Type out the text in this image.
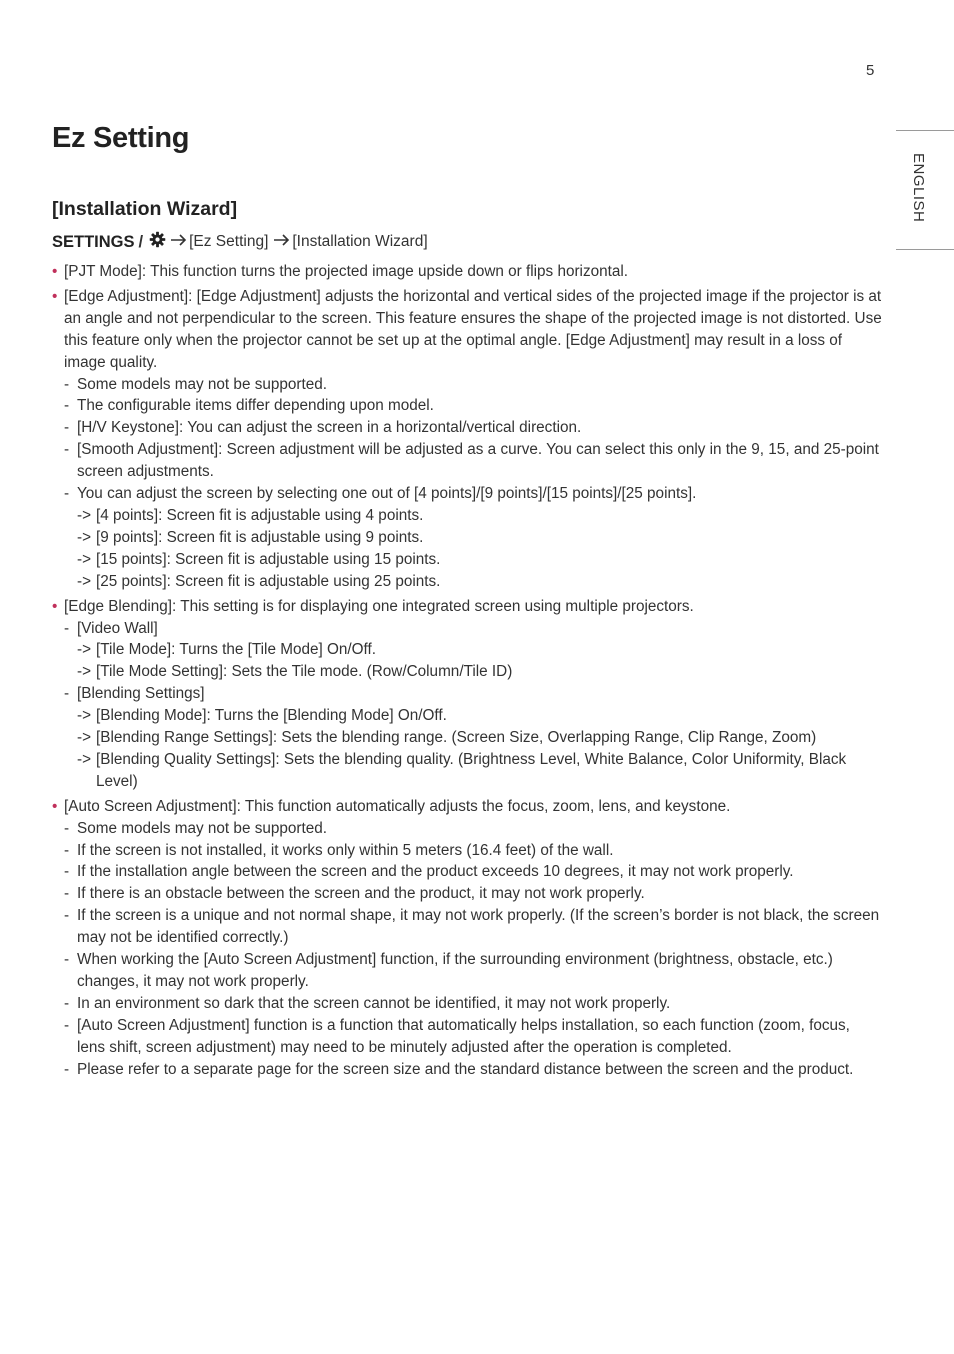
5
ENGLISH
Ez Setting
[Installation Wizard]
SETTINGS /	[Ez Setting] [Installation Wizard]
• [PJT Mode]: This function turns the projected image upside down or flips horizontal.
• [Edge Adjustment]: [Edge Adjustment] adjusts the horizontal and vertical sides of the projected image if the projector is at an angle and not perpendicular to the screen. This feature ensures the shape of the projected image is not distorted. Use this feature only when the projector cannot be set up at the optimal angle. [Edge Adjustment] may result in a loss of image quality.
- Some models may not be supported.
- The configurable items differ depending upon model.
- [H/V Keystone]: You can adjust the screen in a horizontal/vertical direction.
- [Smooth Adjustment]: Screen adjustment will be adjusted as a curve. You can select this only in the 9, 15, and 25-point screen adjustments.
- You can adjust the screen by selecting one out of [4 points]/[9 points]/[15 points]/[25 points].
-> [4 points]: Screen fit is adjustable using 4 points.
-> [9 points]: Screen fit is adjustable using 9 points.
-> [15 points]: Screen fit is adjustable using 15 points.
-> [25 points]: Screen fit is adjustable using 25 points.
• [Edge Blending]: This setting is for displaying one integrated screen using multiple projectors.
- [Video Wall]
-> [Tile Mode]: Turns the [Tile Mode] On/Off.
-> [Tile Mode Setting]: Sets the Tile mode. (Row/Column/Tile ID)
- [Blending Settings]
-> [Blending Mode]: Turns the [Blending Mode] On/Off.
-> [Blending Range Settings]: Sets the blending range. (Screen Size, Overlapping Range, Clip Range, Zoom)
-> [Blending Quality Settings]: Sets the blending quality. (Brightness Level, White Balance, Color Uniformity, Black Level)
• [Auto Screen Adjustment]: This function automatically adjusts the focus, zoom, lens, and keystone.
- Some models may not be supported.
- If the screen is not installed, it works only within 5 meters (16.4 feet) of the wall.
- If the installation angle between the screen and the product exceeds 10 degrees, it may not work properly.
- If there is an obstacle between the screen and the product, it may not work properly.
- If the screen is a unique and not normal shape, it may not work properly. (If the screen’s border is not black, the screen may not be identified correctly.)
- When working the [Auto Screen Adjustment] function, if the surrounding environment (brightness, obstacle, etc.) changes, it may not work properly.
- In an environment so dark that the screen cannot be identified, it may not work properly.
- [Auto Screen Adjustment] function is a function that automatically helps installation, so each function (zoom, focus, lens shift, screen adjustment) may need to be minutely adjusted after the operation is completed.
- Please refer to a separate page for the screen size and the standard distance between the screen and the product.
